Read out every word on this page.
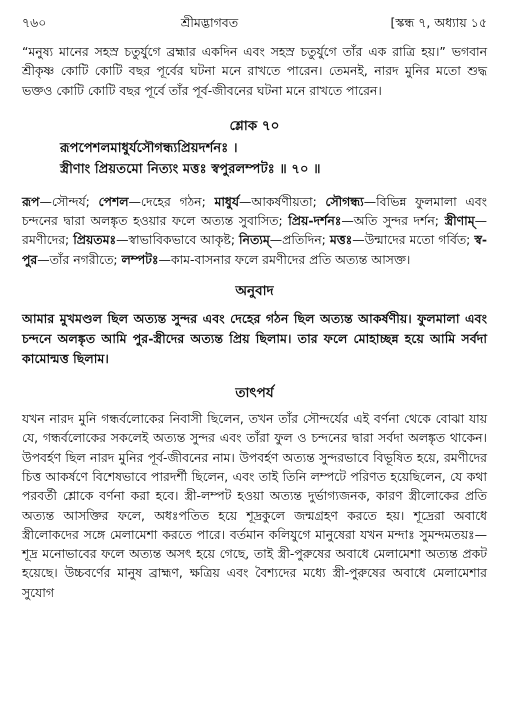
৭৬০	শ্রীমদ্ভাগবত	[স্কন্ধ ৭, অধ্যায় ১৫

“মনুষ্য মানের সহস্র চতুর্যুগে ব্রহ্মার একদিন এবং সহস্র চতুর্যুগে তাঁর এক রাত্রি হয়।” ভগবান শ্রীকৃষ্ণ কোটি কোটি বছর পূর্বের ঘটনা মনে রাখতে পারেন। তেমনই, নারদ মুনির মতো শুদ্ধ ভক্তও কোটি কোটি বছর পূর্বে তাঁর পূর্ব-জীবনের ঘটনা মনে রাখতে পারেন।

শ্লোক ৭০
রূপপেশলমাধুর্যসৌগন্ধ্যপ্রিয়দর্শনঃ ।
স্ত্রীণাং প্রিয়তমো নিত্যং মত্তঃ স্বপুরলম্পটঃ ॥ ৭০ ॥

রূপ—সৌন্দর্য; পেশল—দেহের গঠন; মাধুর্য—আকর্ষণীয়তা; সৌগন্ধ্য—বিভিন্ন ফুলমালা এবং চন্দনের দ্বারা অলঙ্কৃত হওয়ার ফলে অত্যন্ত সুবাসিত; প্রিয়-দর্শনঃ—অতি সুন্দর দর্শন; স্ত্রীণাম্—রমণীদের; প্রিয়তমঃ—স্বাভাবিকভাবে আকৃষ্ট; নিত্যম্—প্রতিদিন; মত্তঃ—উন্মাদের মতো গর্বিত; স্ব-পুর—তাঁর নগরীতে; লম্পটঃ—কাম-বাসনার ফলে রমণীদের প্রতি অত্যন্ত আসক্ত।

অনুবাদ

আমার মুখমণ্ডল ছিল অত্যন্ত সুন্দর এবং দেহের গঠন ছিল অত্যন্ত আকর্ষণীয়। ফুলমালা এবং চন্দনে অলঙ্কৃত আমি পুর-স্ত্রীদের অত্যন্ত প্রিয় ছিলাম। তার ফলে মোহাচ্ছন্ন হয়ে আমি সর্বদা কামোন্মত্ত ছিলাম।

তাৎপর্য

যখন নারদ মুনি গন্ধর্বলোকের নিবাসী ছিলেন, তখন তাঁর সৌন্দর্যের এই বর্ণনা থেকে বোঝা যায় যে, গন্ধর্বলোকের সকলেই অত্যন্ত সুন্দর এবং তাঁরা ফুল ও চন্দনের দ্বারা সর্বদা অলঙ্কৃত থাকেন। উপবর্হণ ছিল নারদ মুনির পূর্ব-জীবনের নাম। উপবর্হণ অত্যন্ত সুন্দরভাবে বিভূষিত হয়ে, রমণীদের চিত্ত আকর্ষণে বিশেষভাবে পারদর্শী ছিলেন, এবং তাই তিনি লম্পটে পরিণত হয়েছিলেন, যে কথা পরবর্তী শ্লোকে বর্ণনা করা হবে। স্ত্রী-লম্পট হওয়া অত্যন্ত দুর্ভাগ্যজনক, কারণ স্ত্রীলোকের প্রতি অত্যন্ত আসক্তির ফলে, অধঃপতিত হয়ে শূদ্রকুলে জন্মগ্রহণ করতে হয়। শূদ্রেরা অবাধে স্ত্রীলোকদের সঙ্গে মেলামেশা করতে পারে। বর্তমান কলিযুগে মানুষেরা যখন মন্দাঃ সুমন্দমতয়ঃ—শূদ্র মনোভাবের ফলে অত্যন্ত অসৎ হয়ে গেছে, তাই স্ত্রী-পুরুষের অবাধে মেলামেশা অত্যন্ত প্রকট হয়েছে। উচ্চবর্ণের মানুষ ব্রাহ্মণ, ক্ষত্রিয় এবং বৈশ্যদের মধ্যে স্ত্রী-পুরুষের অবাধে মেলামেশার সুযোগ
